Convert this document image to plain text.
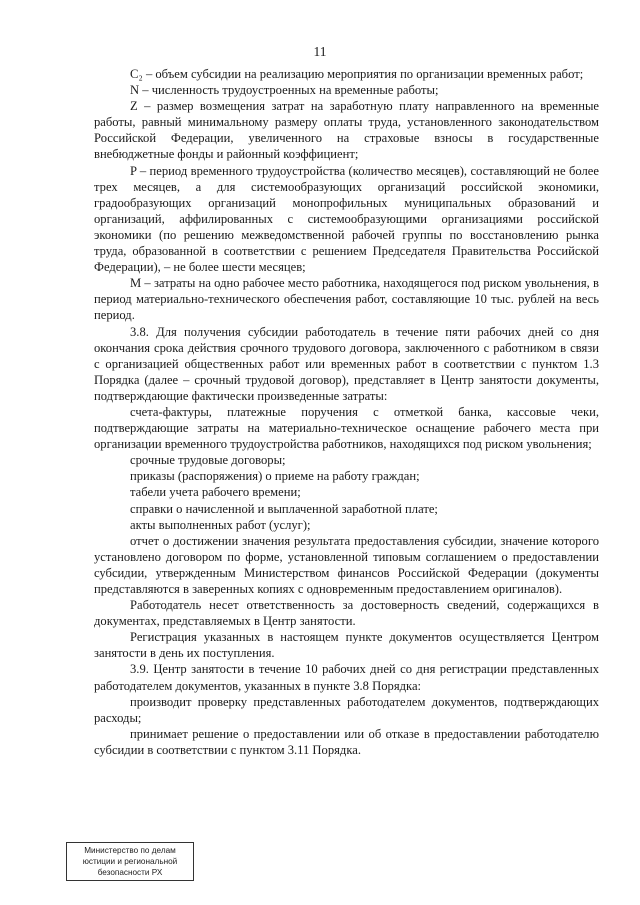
11

C₂ – объем субсидии на реализацию мероприятия по организации временных работ;

N – численность трудоустроенных на временные работы;

Z – размер возмещения затрат на заработную плату направленного на временные работы, равный минимальному размеру оплаты труда, установленного законодательством Российской Федерации, увеличенного на страховые взносы в государственные внебюджетные фонды и районный коэффициент;

P – период временного трудоустройства (количество месяцев), составляющий не более трех месяцев, а для системообразующих организаций российской экономики, градообразующих организаций монопрофильных муниципальных образований и организаций, аффилированных с системообразующими организациями российской экономики (по решению межведомственной рабочей группы по восстановлению рынка труда, образованной в соответствии с решением Председателя Правительства Российской Федерации), – не более шести месяцев;

M – затраты на одно рабочее место работника, находящегося под риском увольнения, в период материально-технического обеспечения работ, составляющие 10 тыс. рублей на весь период.

3.8. Для получения субсидии работодатель в течение пяти рабочих дней со дня окончания срока действия срочного трудового договора, заключенного с работником в связи с организацией общественных работ или временных работ в соответствии с пунктом 1.3 Порядка (далее – срочный трудовой договор), представляет в Центр занятости документы, подтверждающие фактически произведенные затраты:

счета-фактуры, платежные поручения с отметкой банка, кассовые чеки, подтверждающие затраты на материально-техническое оснащение рабочего места при организации временного трудоустройства работников, находящихся под риском увольнения;

срочные трудовые договоры;

приказы (распоряжения) о приеме на работу граждан;

табели учета рабочего времени;

справки о начисленной и выплаченной заработной плате;

акты выполненных работ (услуг);

отчет о достижении значения результата предоставления субсидии, значение которого установлено договором по форме, установленной типовым соглашением о предоставлении субсидии, утвержденным Министерством финансов Российской Федерации (документы представляются в заверенных копиях с одновременным предоставлением оригиналов).

Работодатель несет ответственность за достоверность сведений, содержащихся в документах, представляемых в Центр занятости.

Регистрация указанных в настоящем пункте документов осуществляется Центром занятости в день их поступления.

3.9. Центр занятости в течение 10 рабочих дней со дня регистрации представленных работодателем документов, указанных в пункте 3.8 Порядка:

производит проверку представленных работодателем документов, подтверждающих расходы;

принимает решение о предоставлении или об отказе в предоставлении работодателю субсидии в соответствии с пунктом 3.11 Порядка.

Министерство по делам
юстиции и региональной
безопасности РХ
